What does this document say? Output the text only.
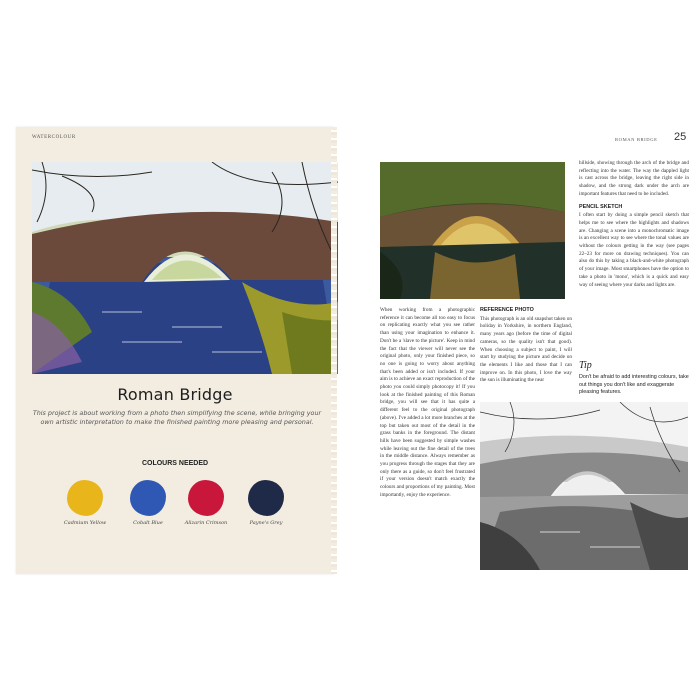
WATERCOLOUR
Roman Bridge
This project is about working from a photo then simplifying the scene, while bringing your own artistic interpretation to make the finished painting more pleasing and personal.
COLOURS NEEDED
Cadmium Yellow	Cobalt Blue	Alizarin Crimson	Payne's Grey
ROMAN BRIDGE 25
When working from a photographic reference it can become all too easy to focus on replicating exactly what you see rather than using your imagination to enhance it. Don't be a 'slave to the picture'. Keep in mind the fact that the viewer will never see the original photo, only your finished piece, so no one is going to worry about anything that's been added or isn't included. If your aim is to achieve an exact reproduction of the photo you could simply photocopy it! If you look at the finished painting of this Roman bridge, you will see that it has quite a different feel to the original photograph (above). I've added a lot more branches at the top but taken out most of the detail in the grass banks in the foreground. The distant hills have been suggested by simple washes while leaving out the fine detail of the trees in the middle distance. Always remember as you progress through the stages that they are only there as a guide, so don't feel frustrated if your version doesn't match exactly the colours and proportions of my painting. Most importantly, enjoy the experience.
REFERENCE PHOTO
This photograph is an old snapshot taken on holiday in Yorkshire, in northern England, many years ago (before the time of digital cameras, so the quality isn't that good). When choosing a subject to paint, I will start by studying the picture and decide on the elements I like and those that I can improve on. In this photo, I love the way the sun is illuminating the near
hillside, showing through the arch of the bridge and reflecting into the water. The way the dappled light is cast across the bridge, leaving the right side in shadow, and the strong dark under the arch are important features that need to be included.
PENCIL SKETCH
I often start by doing a simple pencil sketch that helps me to see where the highlights and shadows are. Changing a scene into a monochromatic image is an excellent way to see where the tonal values are without the colours getting in the way (see pages 22–23 for more on drawing techniques). You can also do this by taking a black-and-white photograph of your image. Most smartphones have the option to take a photo in 'mono', which is a quick and easy way of seeing where your darks and lights are.
Tip
Don't be afraid to add interesting colours, take out things you don't like and exaggerate pleasing features.
